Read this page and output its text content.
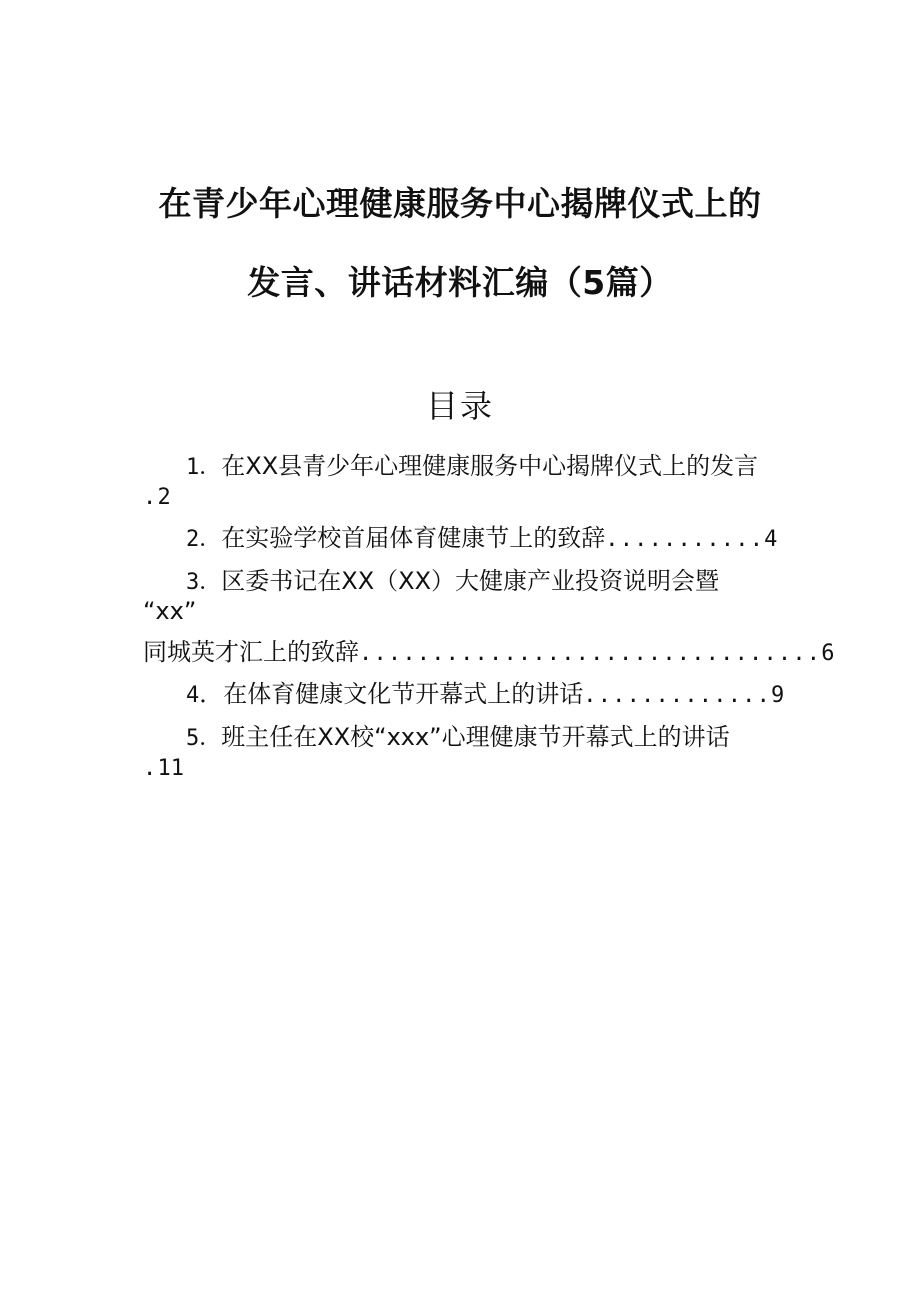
在青少年心理健康服务中心揭牌仪式上的
发言、讲话材料汇编（5篇）
目录
1．在XX县青少年心理健康服务中心揭牌仪式上的发言
.2
2．在实验学校首届体育健康节上的致辞...........4
3．区委书记在XX（XX）大健康产业投资说明会暨
“xx”
同城英才汇上的致辞................................6
4．在体育健康文化节开幕式上的讲话.............9
5．班主任在XX校“xxx”心理健康节开幕式上的讲话
.11
